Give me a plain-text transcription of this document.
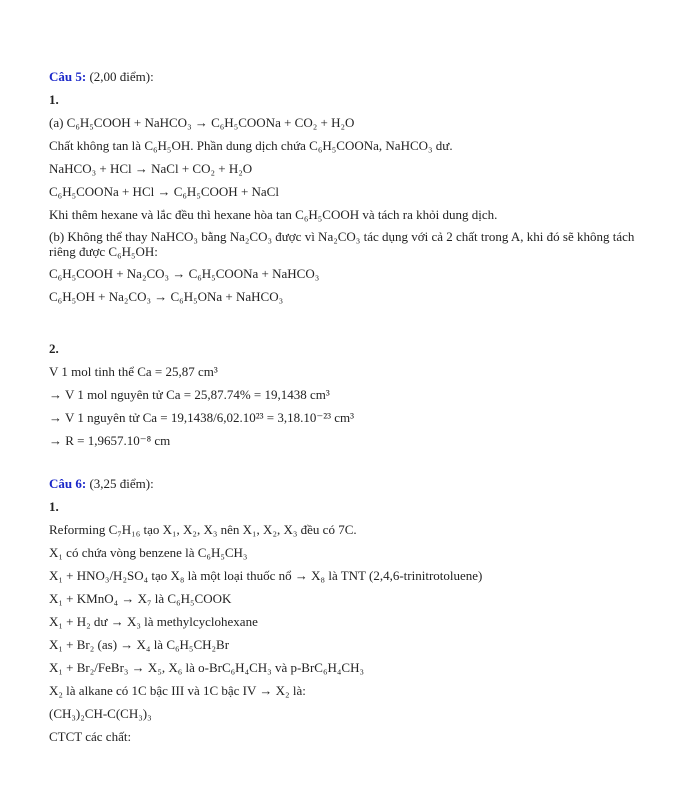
Câu 5: (2,00 điểm):
1.
(a) C₆H₅COOH + NaHCO₃ → C₆H₅COONa + CO₂ + H₂O
Chất không tan là C₆H₅OH. Phần dung dịch chứa C₆H₅COONa, NaHCO₃ dư.
NaHCO₃ + HCl → NaCl + CO₂ + H₂O
C₆H₅COONa + HCl → C₆H₅COOH + NaCl
Khi thêm hexane và lắc đều thì hexane hòa tan C₆H₅COOH và tách ra khỏi dung dịch.
(b) Không thể thay NaHCO₃ bằng Na₂CO₃ được vì Na₂CO₃ tác dụng với cả 2 chất trong A, khi đó sẽ không tách riêng được C₆H₅OH:
C₆H₅COOH + Na₂CO₃ → C₆H₅COONa + NaHCO₃
C₆H₅OH + Na₂CO₃ → C₆H₅ONa + NaHCO₃
2.
V 1 mol tinh thể Ca = 25,87 cm³
→ V 1 mol nguyên tử Ca = 25,87.74% = 19,1438 cm³
→ V 1 nguyên tử Ca = 19,1438/6,02.10²³ = 3,18.10⁻²³ cm³
→ R = 1,9657.10⁻⁸ cm
Câu 6: (3,25 điểm):
1.
Reforming C₇H₁₆ tạo X₁, X₂, X₃ nên X₁, X₂, X₃ đều có 7C.
X₁ có chứa vòng benzene là C₆H₅CH₃
X₁ + HNO₃/H₂SO₄ tạo X₈ là một loại thuốc nổ → X₈ là TNT (2,4,6-trinitrotoluene)
X₁ + KMnO₄ → X₇ là C₆H₅COOK
X₁ + H₂ dư → X₃ là methylcyclohexane
X₁ + Br₂ (as) → X₄ là C₆H₅CH₂Br
X₁ + Br₂/FeBr₃ → X₅, X₆ là o-BrC₆H₄CH₃ và p-BrC₆H₄CH₃
X₂ là alkane có 1C bậc III và 1C bậc IV → X₂ là:
(CH₃)₂CH-C(CH₃)₃
CTCT các chất:
